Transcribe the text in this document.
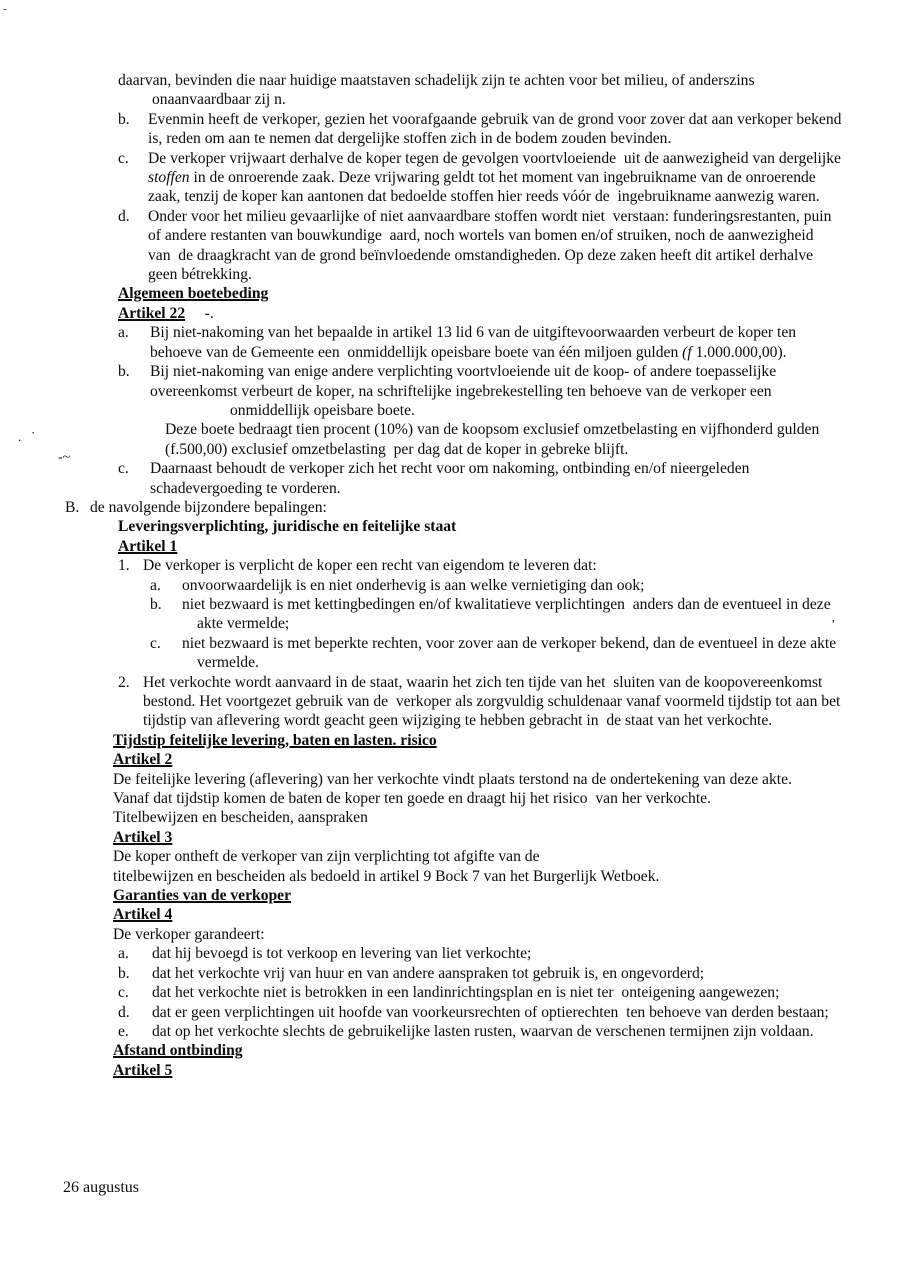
daarvan, bevinden die naar huidige maatstaven schadelijk zijn te achten voor bet milieu, of anderszins onaanvaardbaar zij n.
b. Evenmin heeft de verkoper, gezien het voorafgaande gebruik van de grond voor zover dat aan verkoper bekend is, reden om aan te nemen dat dergelijke stoffen zich in de bodem zouden bevinden.
c. De verkoper vrijwaart derhalve de koper tegen de gevolgen voortvloeiende  uit de aanwezigheid van dergelijke stoffen in de onroerende zaak. Deze vrijwaring geldt tot het moment van ingebruikname van de onroerende zaak, tenzij de koper kan aantonen dat bedoelde stoffen hier reeds vóór de  ingebruikname aanwezig waren.
d. Onder voor het milieu gevaarlijke of niet aanvaardbare stoffen wordt niet  verstaan: funderingsrestanten, puin of andere restanten van bouwkundige  aard, noch wortels van bomen en/of struiken, noch de aanwezigheid van  de draagkracht van de grond beïnvloedende omstandigheden. Op deze zaken heeft dit artikel derhalve geen bétrekking.
Algemeen boetebeding
Artikel 22     -.
a. Bij niet-nakoming van het bepaalde in artikel 13 lid 6 van de uitgiftevoorwaarden verbeurt de koper ten behoeve van de Gemeente een  onmiddellijk opeisbare boete van één miljoen gulden (f 1.000.000,00).
b. Bij niet-nakoming van enige andere verplichting voortvloeiende uit de koop- of andere toepasselijke overeenkomst verbeurt de koper, na schriftelijke ingebrekestelling ten behoeve van de verkoper een
onmiddellijk opeisbare boete.
Deze boete bedraagt tien procent (10%) van de koopsom exclusief omzetbelasting en vijfhonderd gulden (f.500,00) exclusief omzetbelasting  per dag dat de koper in gebreke blijft.
c. Daarnaast behoudt de verkoper zich het recht voor om nakoming, ontbinding en/of nieergeleden schadevergoeding te vorderen.
B. de navolgende bijzondere bepalingen:
Leveringsverplichting, juridische en feitelijke staat
Artikel 1
1. De verkoper is verplicht de koper een recht van eigendom te leveren dat:
a. onvoorwaardelijk is en niet onderhevig is aan welke vernietiging dan ook;
b. niet bezwaard is met kettingbedingen en/of kwalitatieve verplichtingen  anders dan de eventueel in deze akte vermelde;
c. niet bezwaard is met beperkte rechten, voor zover aan de verkoper bekend, dan de eventueel in deze akte vermelde.
2. Het verkochte wordt aanvaard in de staat, waarin het zich ten tijde van het  sluiten van de koopovereenkomst bestond. Het voortgezet gebruik van de  verkoper als zorgvuldig schuldenaar vanaf voormeld tijdstip tot aan bet tijdstip van aflevering wordt geacht geen wijziging te hebben gebracht in  de staat van het verkochte.
Tijdstip feitelijke levering, baten en lasten. risico
Artikel 2
De feitelijke levering (aflevering) van her verkochte vindt plaats terstond na de ondertekening van deze akte.
Vanaf dat tijdstip komen de baten de koper ten goede en draagt hij het risico  van her verkochte.
Titelbewijzen en bescheiden, aanspraken
Artikel 3
De koper ontheft de verkoper van zijn verplichting tot afgifte van de
titelbewijzen en bescheiden als bedoeld in artikel 9 Bock 7 van het Burgerlijk Wetboek.
Garanties van de verkoper
Artikel 4
De verkoper garandeert:
a. dat hij bevoegd is tot verkoop en levering van liet verkochte;
b. dat het verkochte vrij van huur en van andere aanspraken tot gebruik is, en ongevorderd;
c. dat het verkochte niet is betrokken in een landinrichtingsplan en is niet ter  onteigening aangewezen;
d. dat er geen verplichtingen uit hoofde van voorkeursrechten of optierechten  ten behoeve van derden bestaan;
e. dat op het verkochte slechts de gebruikelijke lasten rusten, waarvan de verschenen termijnen zijn voldaan.
Afstand ontbinding
Artikel 5
26 augustus
-
. ·
-~
'
